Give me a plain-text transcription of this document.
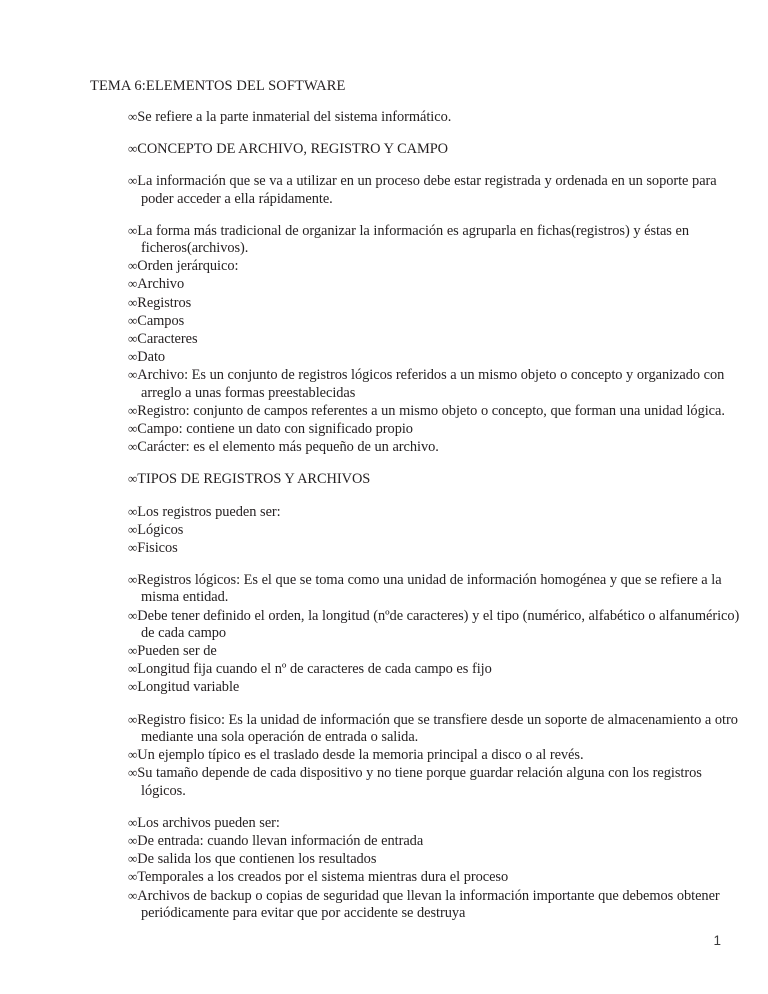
TEMA 6:ELEMENTOS DEL SOFTWARE

∞Se refiere a la parte inmaterial del sistema informático.

∞CONCEPTO DE ARCHIVO, REGISTRO Y CAMPO

∞La información que se va a utilizar en un proceso debe estar registrada y ordenada en un soporte para poder acceder a ella rápidamente.

∞La forma más tradicional de organizar la información es agruparla en fichas(registros) y éstas en ficheros(archivos).

∞Orden jerárquico:

∞Archivo

∞Registros

∞Campos

∞Caracteres

∞Dato

∞Archivo: Es un conjunto de registros lógicos referidos a un mismo objeto o concepto y organizado con arreglo a unas formas preestablecidas

∞Registro: conjunto de campos referentes a un mismo objeto o concepto, que forman una unidad lógica.

∞Campo: contiene un dato con significado propio

∞Carácter: es el elemento más pequeño de un archivo.

∞TIPOS DE REGISTROS Y ARCHIVOS

∞Los registros pueden ser:

∞Lógicos

∞Fisicos

∞Registros lógicos: Es el que se toma como una unidad de información homogénea y que se refiere a la misma entidad.

∞Debe tener definido el orden, la longitud (nºde caracteres) y el tipo (numérico, alfabético o alfanumérico) de cada campo

∞Pueden ser de

∞Longitud fija cuando el nº de caracteres de cada campo es fijo

∞Longitud variable

∞Registro fisico: Es la unidad de información que se transfiere desde un soporte de almacenamiento a otro mediante una sola operación de entrada o salida.

∞Un ejemplo típico es el traslado desde la memoria principal a disco o al revés.

∞Su tamaño depende de cada dispositivo y no tiene porque guardar relación alguna con los registros lógicos.

∞Los archivos pueden ser:

∞De entrada: cuando llevan información de entrada

∞De salida los que contienen los resultados

∞Temporales a los creados por el sistema mientras dura el proceso

∞Archivos de backup o copias de seguridad que llevan la información importante que debemos obtener periódicamente para evitar que por accidente se destruya

1
